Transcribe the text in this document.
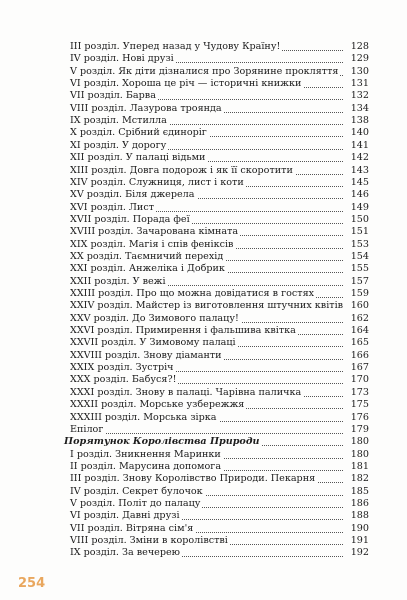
ІІІ розділ. Уперед назад у Чудову Країну!	128
IV розділ. Нові друзі	129
V розділ. Як діти дізналися про Зорянине прокляття	130
VI розділ. Хороша це річ — історичні книжки	131
VII розділ. Барва	132
VIII розділ. Лазурова троянда	134
IX розділ. Мстилла	138
X розділ. Срібний єдиноріг	140
XI розділ. У дорогу	141
XII розділ. У палаці відьми	142
XIII розділ. Довга подорож і як її скоротити	143
XIV розділ. Служниця, лист і коти	145
XV розділ. Біля джерела	146
XVI розділ. Лист	149
XVII розділ. Порада феї	150
XVIII розділ. Зачарована кімната	151
XIX розділ. Магія і спів феніксів	153
XX розділ. Таємничий перехід	154
XXI розділ. Анжеліка і Добрик	155
XXII розділ. У вежі	157
XXIII розділ. Про що можна довідатися в гостях	159
XXIV розділ. Майстер із виготовлення штучних квітів 160
XXV розділ. До Зимового палацу!	162
XXVI розділ. Примирення і фальшива квітка	164
XXVII розділ. У Зимовому палаці	165
XXVIII розділ. Знову діаманти	166
XXIX розділ. Зустріч	167
XXX розділ. Бабуся?!	170
XXXI розділ. Знову в палаці. Чарівна паличка	173
XXXII розділ. Морське узбережжя	175
XXXIII розділ. Морська зірка	176
Епілог	179
Порятунок Королівства Природи	180
І розділ. Зникнення Маринки	180
ІІ розділ. Марусина допомога	181
ІІІ розділ. Знову Королівство Природи. Пекарня	182
IV розділ. Секрет булочок	185
V розділ. Політ до палацу	186
VI розділ. Давні друзі	188
VII розділ. Вітряна сім'я	190
VIII розділ. Зміни в королівстві	191
IX розділ. За вечерею	192
254
